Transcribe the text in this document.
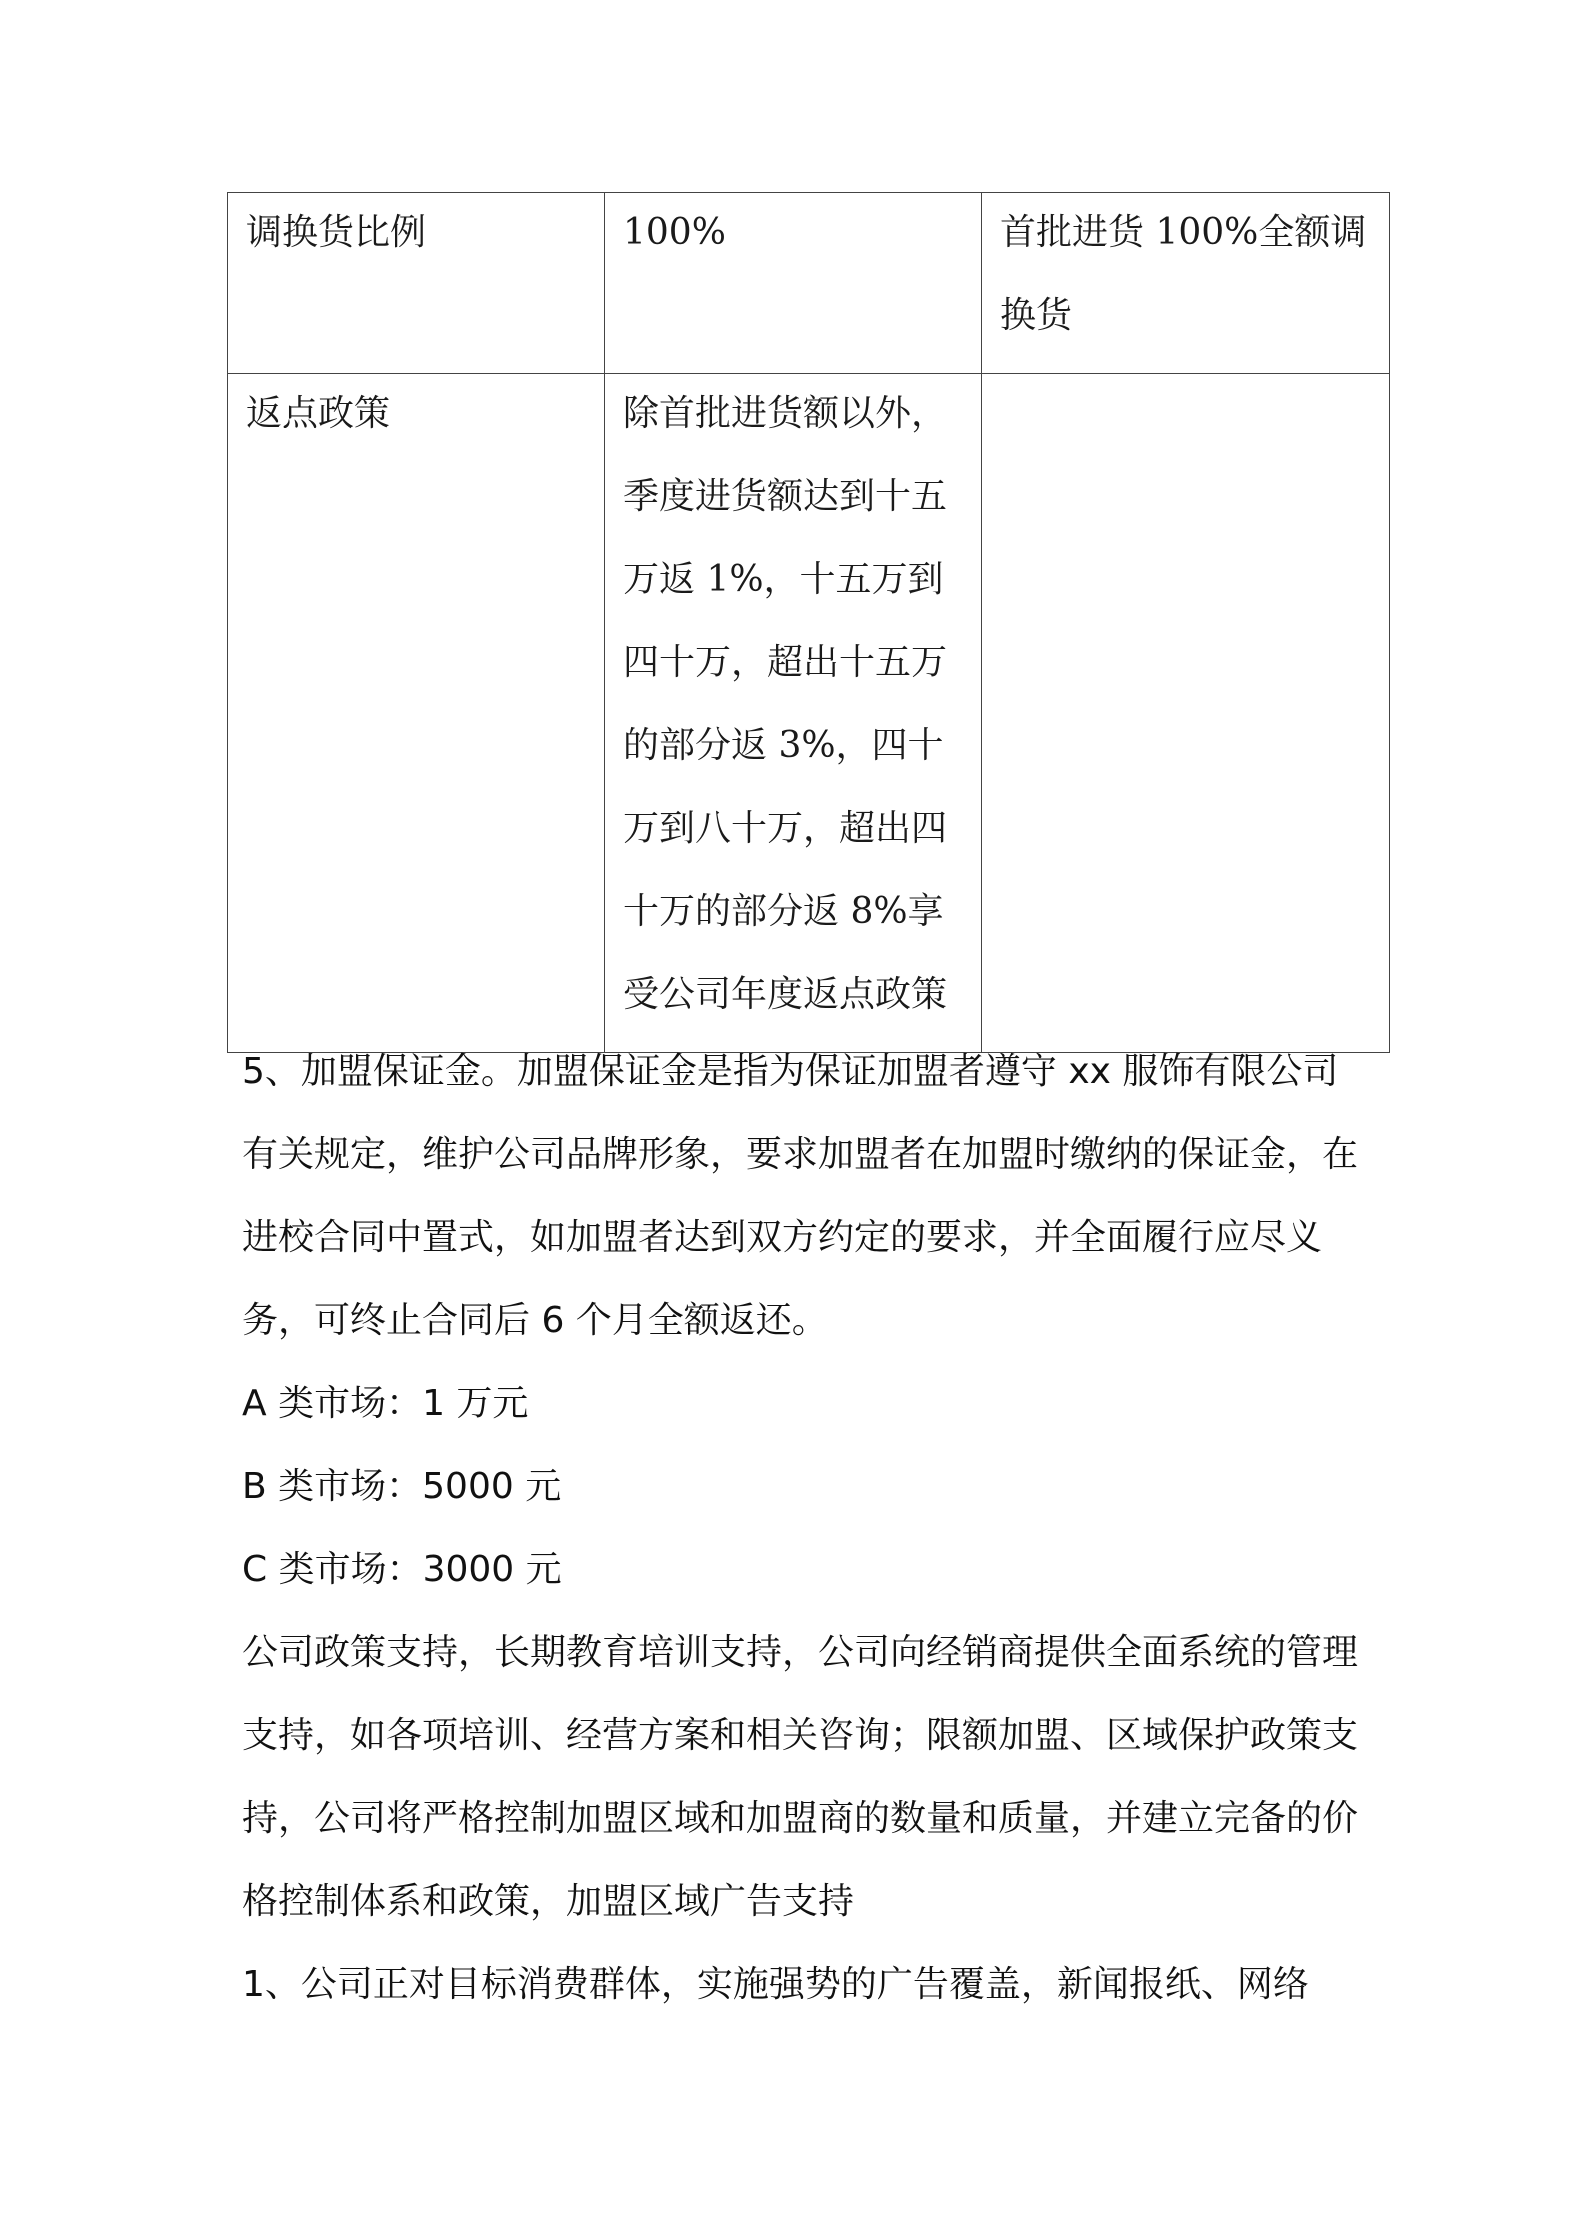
调换货比例	100%	首批进货 100%全额调换货

返点政策	除首批进货额以外，季度进货额达到十五万返 1%，十五万到四十万，超出十五万的部分返 3%，四十万到八十万，超出四十万的部分返 8%享受公司年度返点政策	

5、加盟保证金。加盟保证金是指为保证加盟者遵守 xx 服饰有限公司有关规定，维护公司品牌形象，要求加盟者在加盟时缴纳的保证金，在进校合同中置式，如加盟者达到双方约定的要求，并全面履行应尽义务，可终止合同后 6 个月全额返还。

A 类市场：1 万元

B 类市场：5000 元

C 类市场：3000 元

公司政策支持，长期教育培训支持，公司向经销商提供全面系统的管理支持，如各项培训、经营方案和相关咨询；限额加盟、区域保护政策支持，公司将严格控制加盟区域和加盟商的数量和质量，并建立完备的价格控制体系和政策，加盟区域广告支持

1、公司正对目标消费群体，实施强势的广告覆盖，新闻报纸、网络
